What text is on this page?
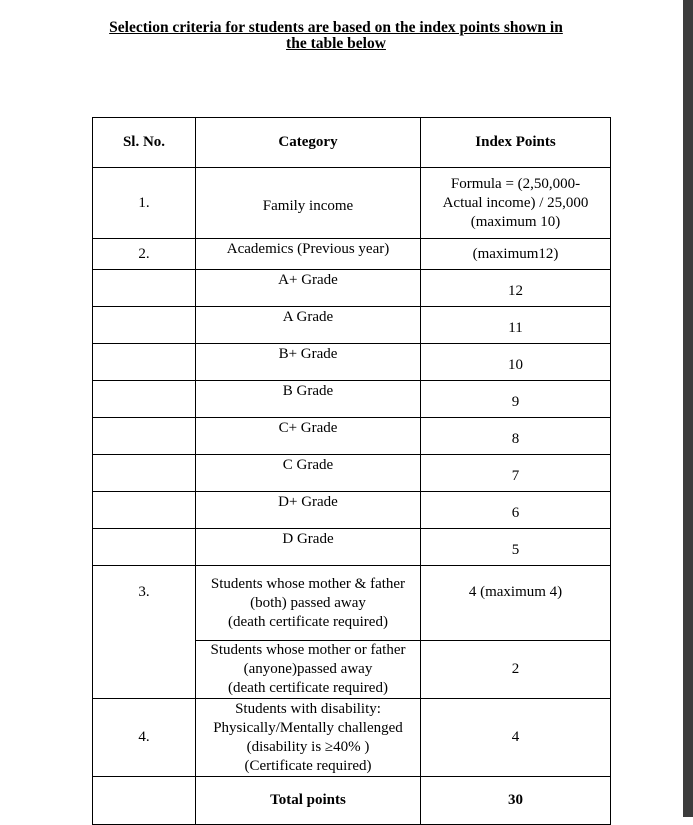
Selection criteria for students are based on the index points shown in
the table below
Sl. No.	Category	Index Points
1.	Family income	Formula = (2,50,000-
Actual income) / 25,000
(maximum 10)

2.	Academics (Previous year)	(maximum12)
	A+ Grade	12
	A Grade	11
	B+ Grade	10
	B Grade	9
	C+ Grade	8
	C Grade	7
	D+ Grade	6
	D Grade	5
3.	Students whose mother & father
(both) passed away
(death certificate required)	4 (maximum 4)

	Students whose mother or father
(anyone)passed away
(death certificate required)	2
4.	Students with disability:
Physically/Mentally challenged
(disability is ≥40% )
(Certificate required)	4
	Total points	30
